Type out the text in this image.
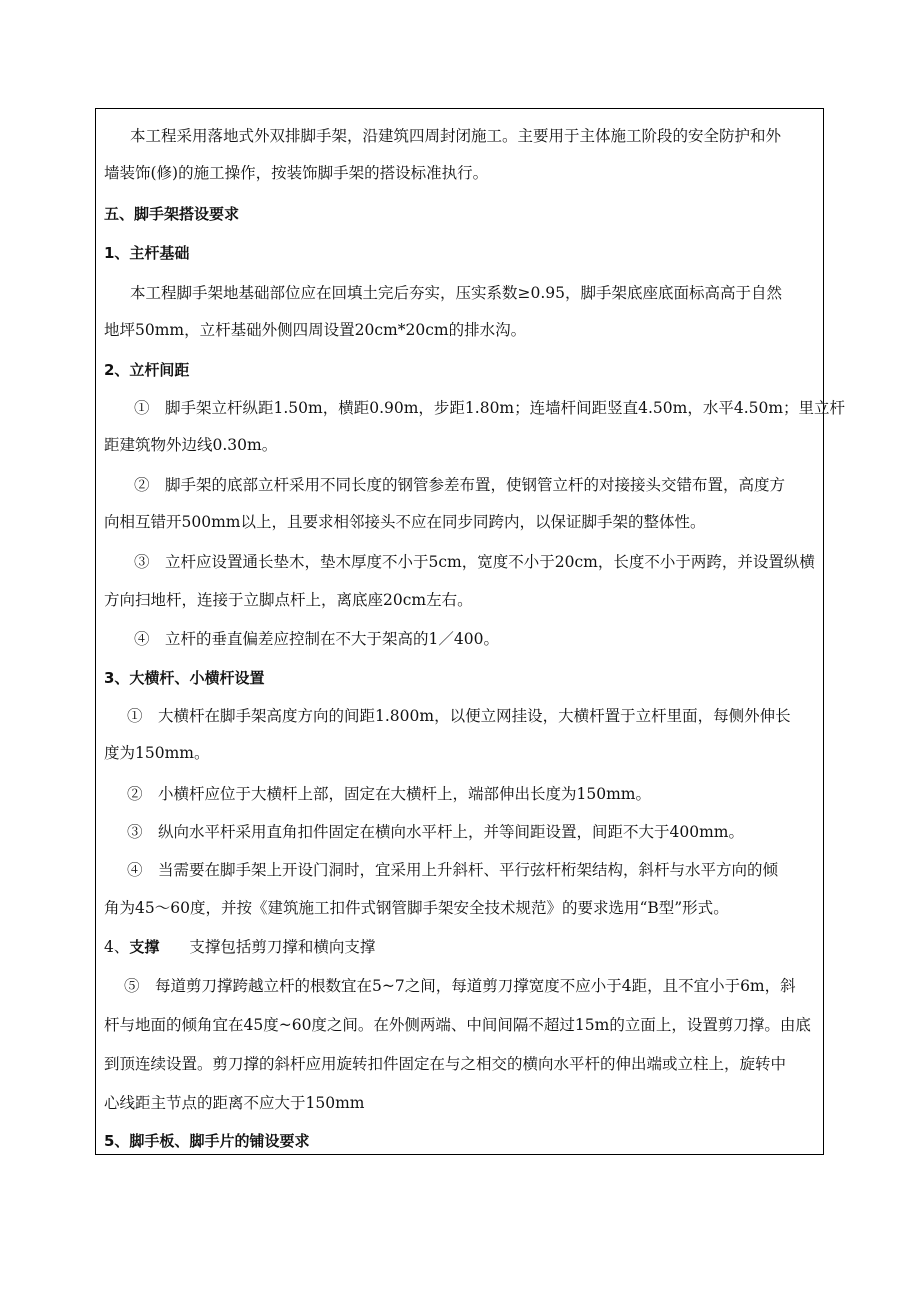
本工程采用落地式外双排脚手架，沿建筑四周封闭施工。主要用于主体施工阶段的安全防护和外
墙装饰(修)的施工操作，按装饰脚手架的搭设标准执行。
五、脚手架搭设要求
1、主杆基础
本工程脚手架地基础部位应在回填土完后夯实，压实系数≥0.95，脚手架底座底面标高高于自然
地坪50mm，立杆基础外侧四周设置20cm*20cm的排水沟。
2、立杆间距
①　脚手架立杆纵距1.50m，横距0.90m，步距1.80m；连墙杆间距竖直4.50m，水平4.50m；里立杆
距建筑物外边线0.30m。
②　脚手架的底部立杆采用不同长度的钢管参差布置，使钢管立杆的对接接头交错布置，高度方
向相互错开500mm以上，且要求相邻接头不应在同步同跨内，以保证脚手架的整体性。
③　立杆应设置通长垫木，垫木厚度不小于5cm，宽度不小于20cm，长度不小于两跨，并设置纵横
方向扫地杆，连接于立脚点杆上，离底座20cm左右。
④　立杆的垂直偏差应控制在不大于架高的1／400。
3、大横杆、小横杆设置
①　大横杆在脚手架高度方向的间距1.800m，以便立网挂设，大横杆置于立杆里面，每侧外伸长
度为150mm。
②　小横杆应位于大横杆上部，固定在大横杆上，端部伸出长度为150mm。
③　纵向水平杆采用直角扣件固定在横向水平杆上，并等间距设置，间距不大于400mm。
④　当需要在脚手架上开设门洞时，宜采用上升斜杆、平行弦杆桁架结构，斜杆与水平方向的倾
角为45～60度，并按《建筑施工扣件式钢管脚手架安全技术规范》的要求选用“B型”形式。
4、支撑 支撑包括剪刀撑和横向支撑
⑤　每道剪刀撑跨越立杆的根数宜在5~7之间，每道剪刀撑宽度不应小于4距，且不宜小于6m，斜
杆与地面的倾角宜在45度~60度之间。在外侧两端、中间间隔不超过15m的立面上，设置剪刀撑。由底
到顶连续设置。剪刀撑的斜杆应用旋转扣件固定在与之相交的横向水平杆的伸出端或立柱上，旋转中
心线距主节点的距离不应大于150mm
5、脚手板、脚手片的铺设要求
